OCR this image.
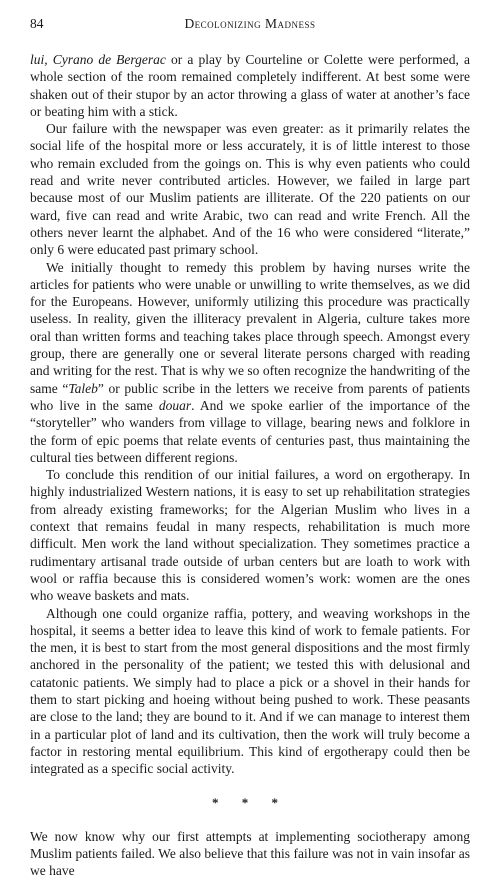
84	Decolonizing Madness

lui, Cyrano de Bergerac or a play by Courteline or Colette were performed, a whole section of the room remained completely indifferent. At best some were shaken out of their stupor by an actor throwing a glass of water at another’s face or beating him with a stick.

Our failure with the newspaper was even greater: as it primarily relates the social life of the hospital more or less accurately, it is of little interest to those who remain excluded from the goings on. This is why even patients who could read and write never contributed articles. However, we failed in large part because most of our Muslim patients are illiterate. Of the 220 patients on our ward, five can read and write Arabic, two can read and write French. All the others never learnt the alphabet. And of the 16 who were considered “literate,” only 6 were educated past primary school.

We initially thought to remedy this problem by having nurses write the articles for patients who were unable or unwilling to write themselves, as we did for the Europeans. However, uniformly utilizing this procedure was practically useless. In reality, given the illiteracy prevalent in Algeria, culture takes more oral than written forms and teaching takes place through speech. Amongst every group, there are generally one or several literate persons charged with reading and writing for the rest. That is why we so often recognize the handwriting of the same “Taleb” or public scribe in the letters we receive from parents of patients who live in the same douar. And we spoke earlier of the importance of the “storyteller” who wanders from village to village, bearing news and folklore in the form of epic poems that relate events of centuries past, thus maintaining the cultural ties between different regions.

To conclude this rendition of our initial failures, a word on ergotherapy. In highly industrialized Western nations, it is easy to set up rehabilitation strategies from already existing frameworks; for the Algerian Muslim who lives in a context that remains feudal in many respects, rehabilitation is much more difficult. Men work the land without specialization. They sometimes practice a rudimentary artisanal trade outside of urban centers but are loath to work with wool or raffia because this is considered women’s work: women are the ones who weave baskets and mats.

Although one could organize raffia, pottery, and weaving workshops in the hospital, it seems a better idea to leave this kind of work to female patients. For the men, it is best to start from the most general dispositions and the most firmly anchored in the personality of the patient; we tested this with delusional and catatonic patients. We simply had to place a pick or a shovel in their hands for them to start picking and hoeing without being pushed to work. These peasants are close to the land; they are bound to it. And if we can manage to interest them in a particular plot of land and its cultivation, then the work will truly become a factor in restoring mental equilibrium. This kind of ergotherapy could then be integrated as a specific social activity.

* * *

We now know why our first attempts at implementing sociotherapy among Muslim patients failed. We also believe that this failure was not in vain insofar as we have
